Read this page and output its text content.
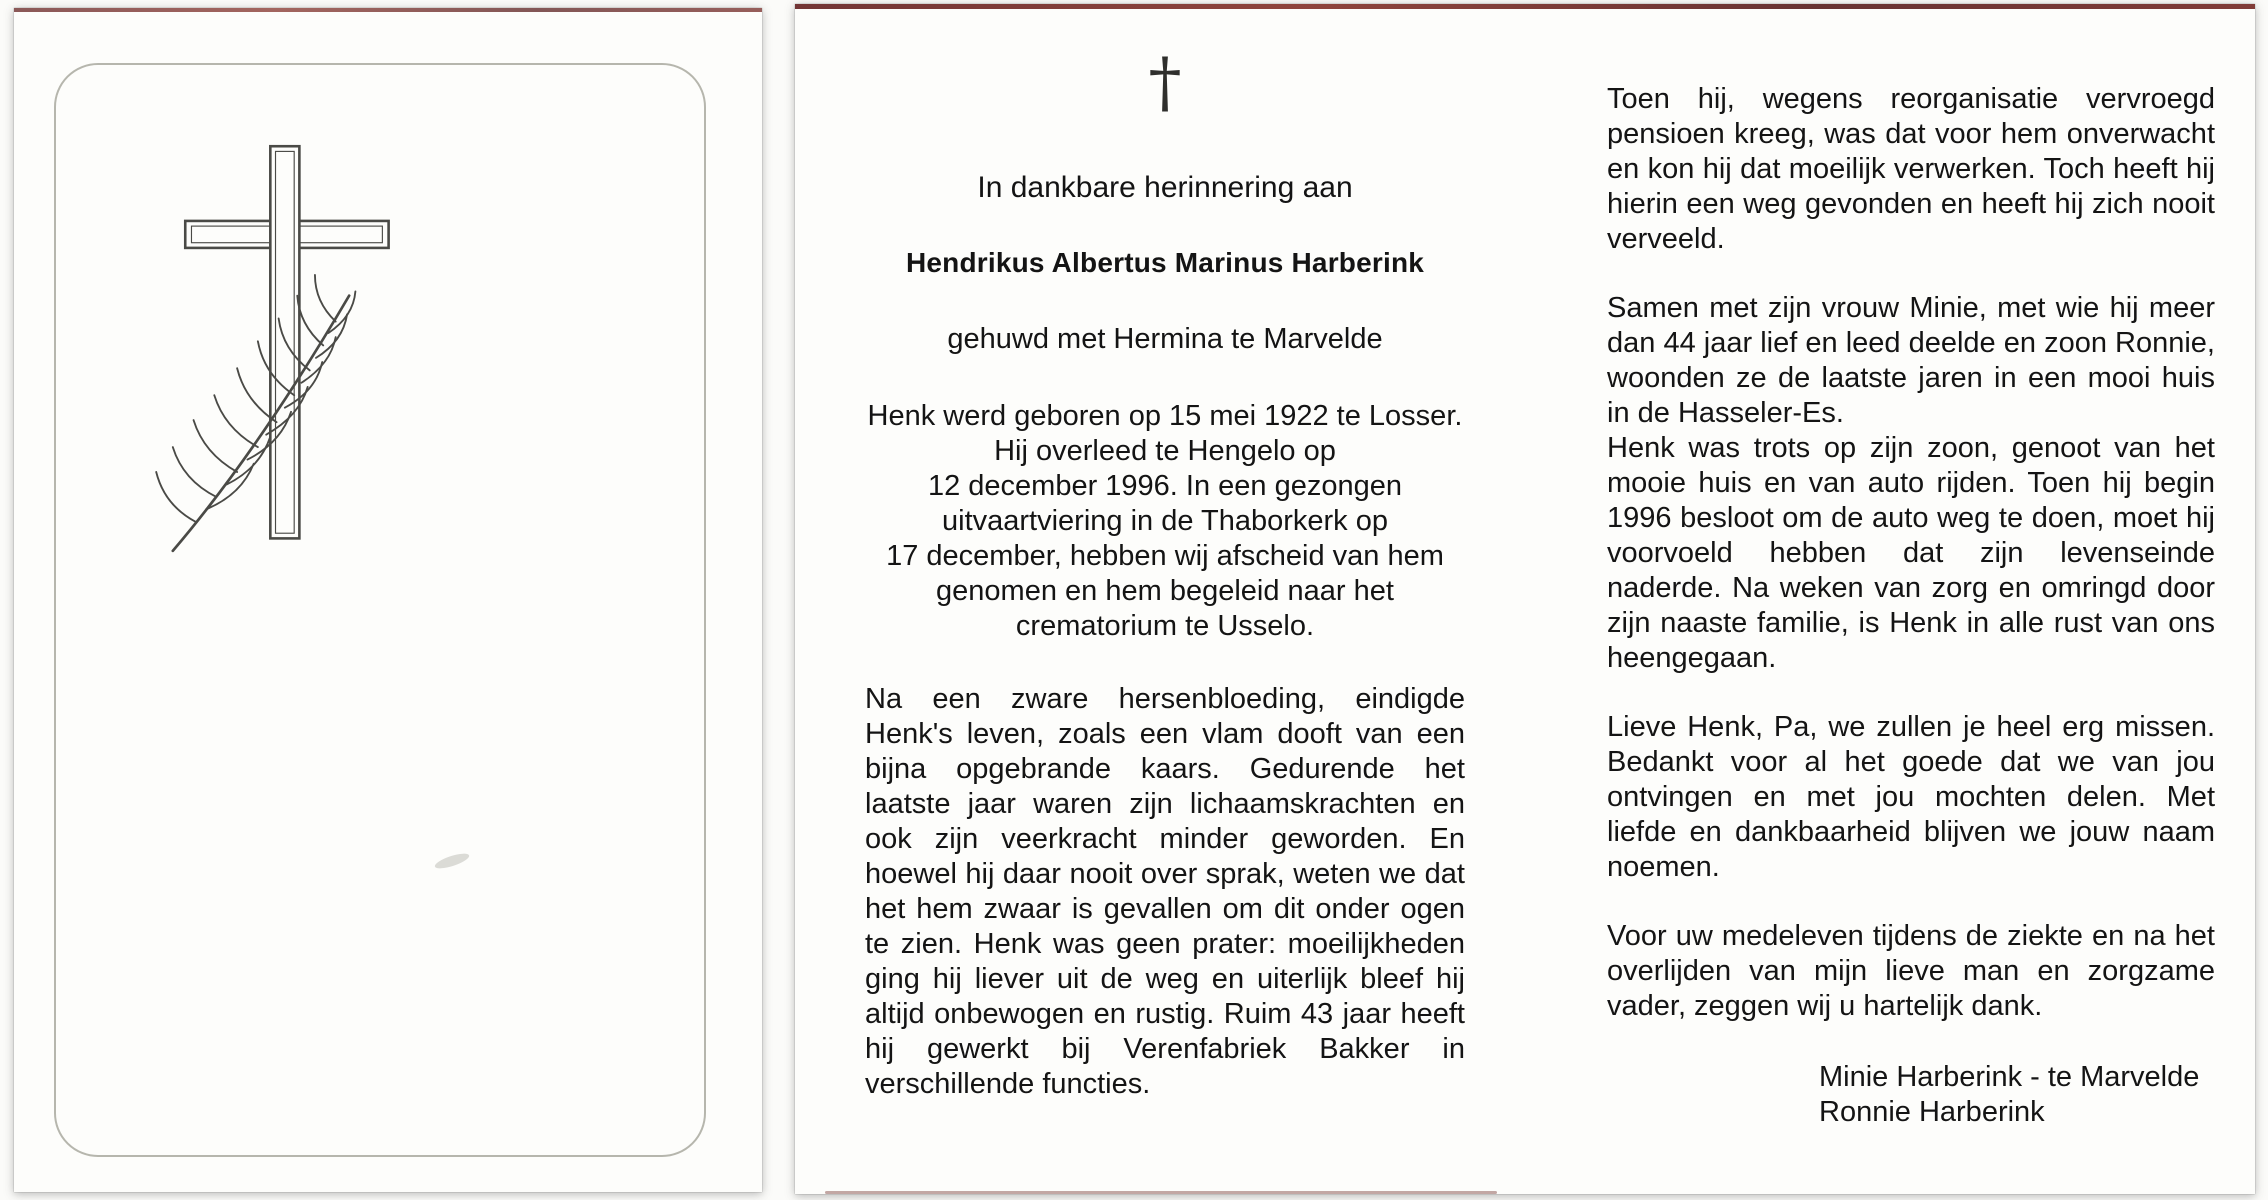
†
In dankbare herinnering aan
Hendrikus Albertus Marinus Harberink
gehuwd met Hermina te Marvelde
Henk werd geboren op 15 mei 1922 te Losser.
Hij overleed te Hengelo op
12 december 1996. In een gezongen
uitvaartviering in de Thaborkerk op
17 december, hebben wij afscheid van hem
genomen en hem begeleid naar het
crematorium te Usselo.

Na een zware hersenbloeding, eindigde Henk's leven, zoals een vlam dooft van een bijna opgebrande kaars. Gedurende het laatste jaar waren zijn lichaamskrachten en ook zijn veerkracht minder geworden. En hoewel hij daar nooit over sprak, weten we dat het hem zwaar is gevallen om dit onder ogen te zien. Henk was geen prater: moeilijkheden ging hij liever uit de weg en uiterlijk bleef hij altijd onbewogen en rustig. Ruim 43 jaar heeft hij gewerkt bij Verenfabriek Bakker in verschillende functies.

Toen hij, wegens reorganisatie vervroegd pensioen kreeg, was dat voor hem onverwacht en kon hij dat moeilijk verwerken. Toch heeft hij hierin een weg gevonden en heeft hij zich nooit verveeld.

Samen met zijn vrouw Minie, met wie hij meer dan 44 jaar lief en leed deelde en zoon Ronnie, woonden ze de laatste jaren in een mooi huis in de Hasseler-Es.

Henk was trots op zijn zoon, genoot van het mooie huis en van auto rijden. Toen hij begin 1996 besloot om de auto weg te doen, moet hij voorvoeld hebben dat zijn levenseinde naderde. Na weken van zorg en omringd door zijn naaste familie, is Henk in alle rust van ons heengegaan.

Lieve Henk, Pa, we zullen je heel erg missen. Bedankt voor al het goede dat we van jou ontvingen en met jou mochten delen. Met liefde en dankbaarheid blijven we jouw naam noemen.

Voor uw medeleven tijdens de ziekte en na het overlijden van mijn lieve man en zorgzame vader, zeggen wij u hartelijk dank.

Minie Harberink - te Marvelde
Ronnie Harberink
